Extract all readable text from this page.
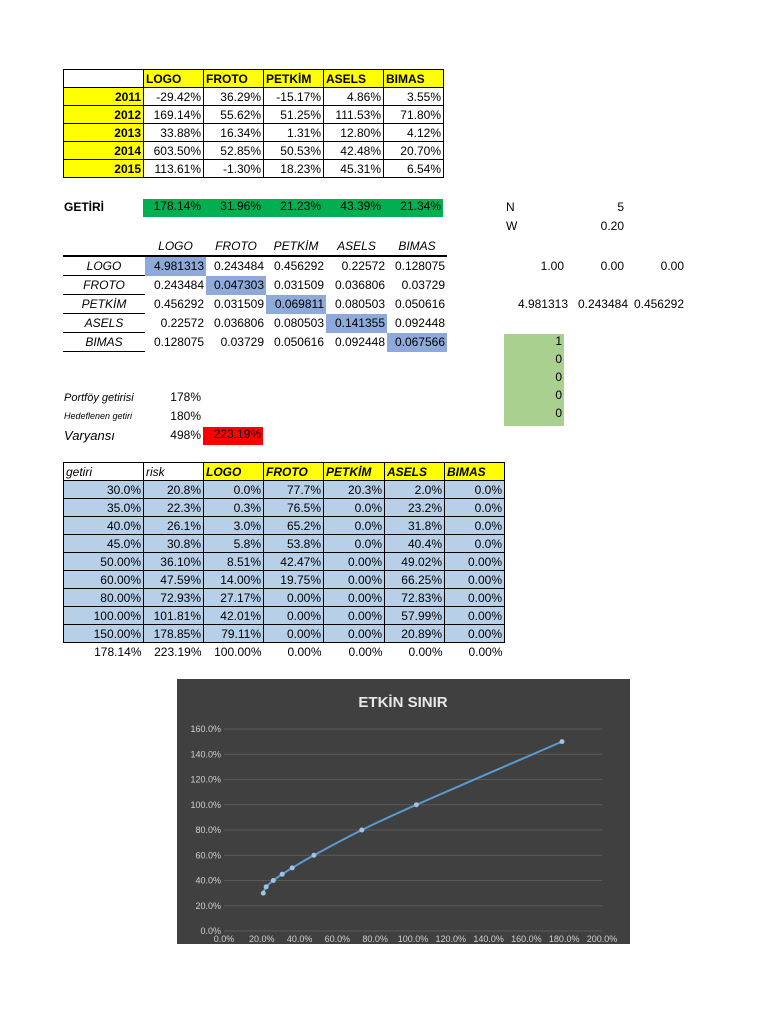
	LOGO	FROTO	PETKİM	ASELS	BIMAS
2011	-29.42%	36.29%	-15.17%	4.86%	3.55%
2012	169.14%	55.62%	51.25%	111.53%	71.80%
2013	33.88%	16.34%	1.31%	12.80%	4.12%
2014	603.50%	52.85%	50.53%	42.48%	20.70%
2015	113.61%	-1.30%	18.23%	45.31%	6.54%
GETİRİ	178.14%	31.96%	21.23%	43.39%	21.34%	N	5
W	0.20
	LOGO	FROTO	PETKİM	ASELS	BIMAS
LOGO	4.981313	0.243484	0.456292	0.22572	0.128075
FROTO	0.243484	0.047303	0.031509	0.036806	0.03729
PETKİM	0.456292	0.031509	0.069811	0.080503	0.050616
ASELS	0.22572	0.036806	0.080503	0.141355	0.092448
BIMAS	0.128075	0.03729	0.050616	0.092448	0.067566
1.00	0.00	0.00
4.981313 0.243484 0.456292
1
0
0
0
0
Portföy getirisi	178%
Hedeflenen getiri	180%
Varyansı	498%	223.19%
getiri	risk	LOGO	FROTO	PETKİM	ASELS	BIMAS
30.0%	20.8%	0.0%	77.7%	20.3%	2.0%	0.0%
35.0%	22.3%	0.3%	76.5%	0.0%	23.2%	0.0%
40.0%	26.1%	3.0%	65.2%	0.0%	31.8%	0.0%
45.0%	30.8%	5.8%	53.8%	0.0%	40.4%	0.0%
50.00%	36.10%	8.51%	42.47%	0.00%	49.02%	0.00%
60.00%	47.59%	14.00%	19.75%	0.00%	66.25%	0.00%
80.00%	72.93%	27.17%	0.00%	0.00%	72.83%	0.00%
100.00%	101.81%	42.01%	0.00%	0.00%	57.99%	0.00%
150.00%	178.85%	79.11%	0.00%	0.00%	20.89%	0.00%
178.14%	223.19%	100.00%	0.00%	0.00%	0.00%	0.00%
ETKİN SINIR
0.0%
20.0%
40.0%
60.0%
80.0%
100.0%
120.0%
140.0%
160.0%
0.0% 20.0% 40.0% 60.0% 80.0% 100.0% 120.0% 140.0% 160.0% 180.0% 200.0%
